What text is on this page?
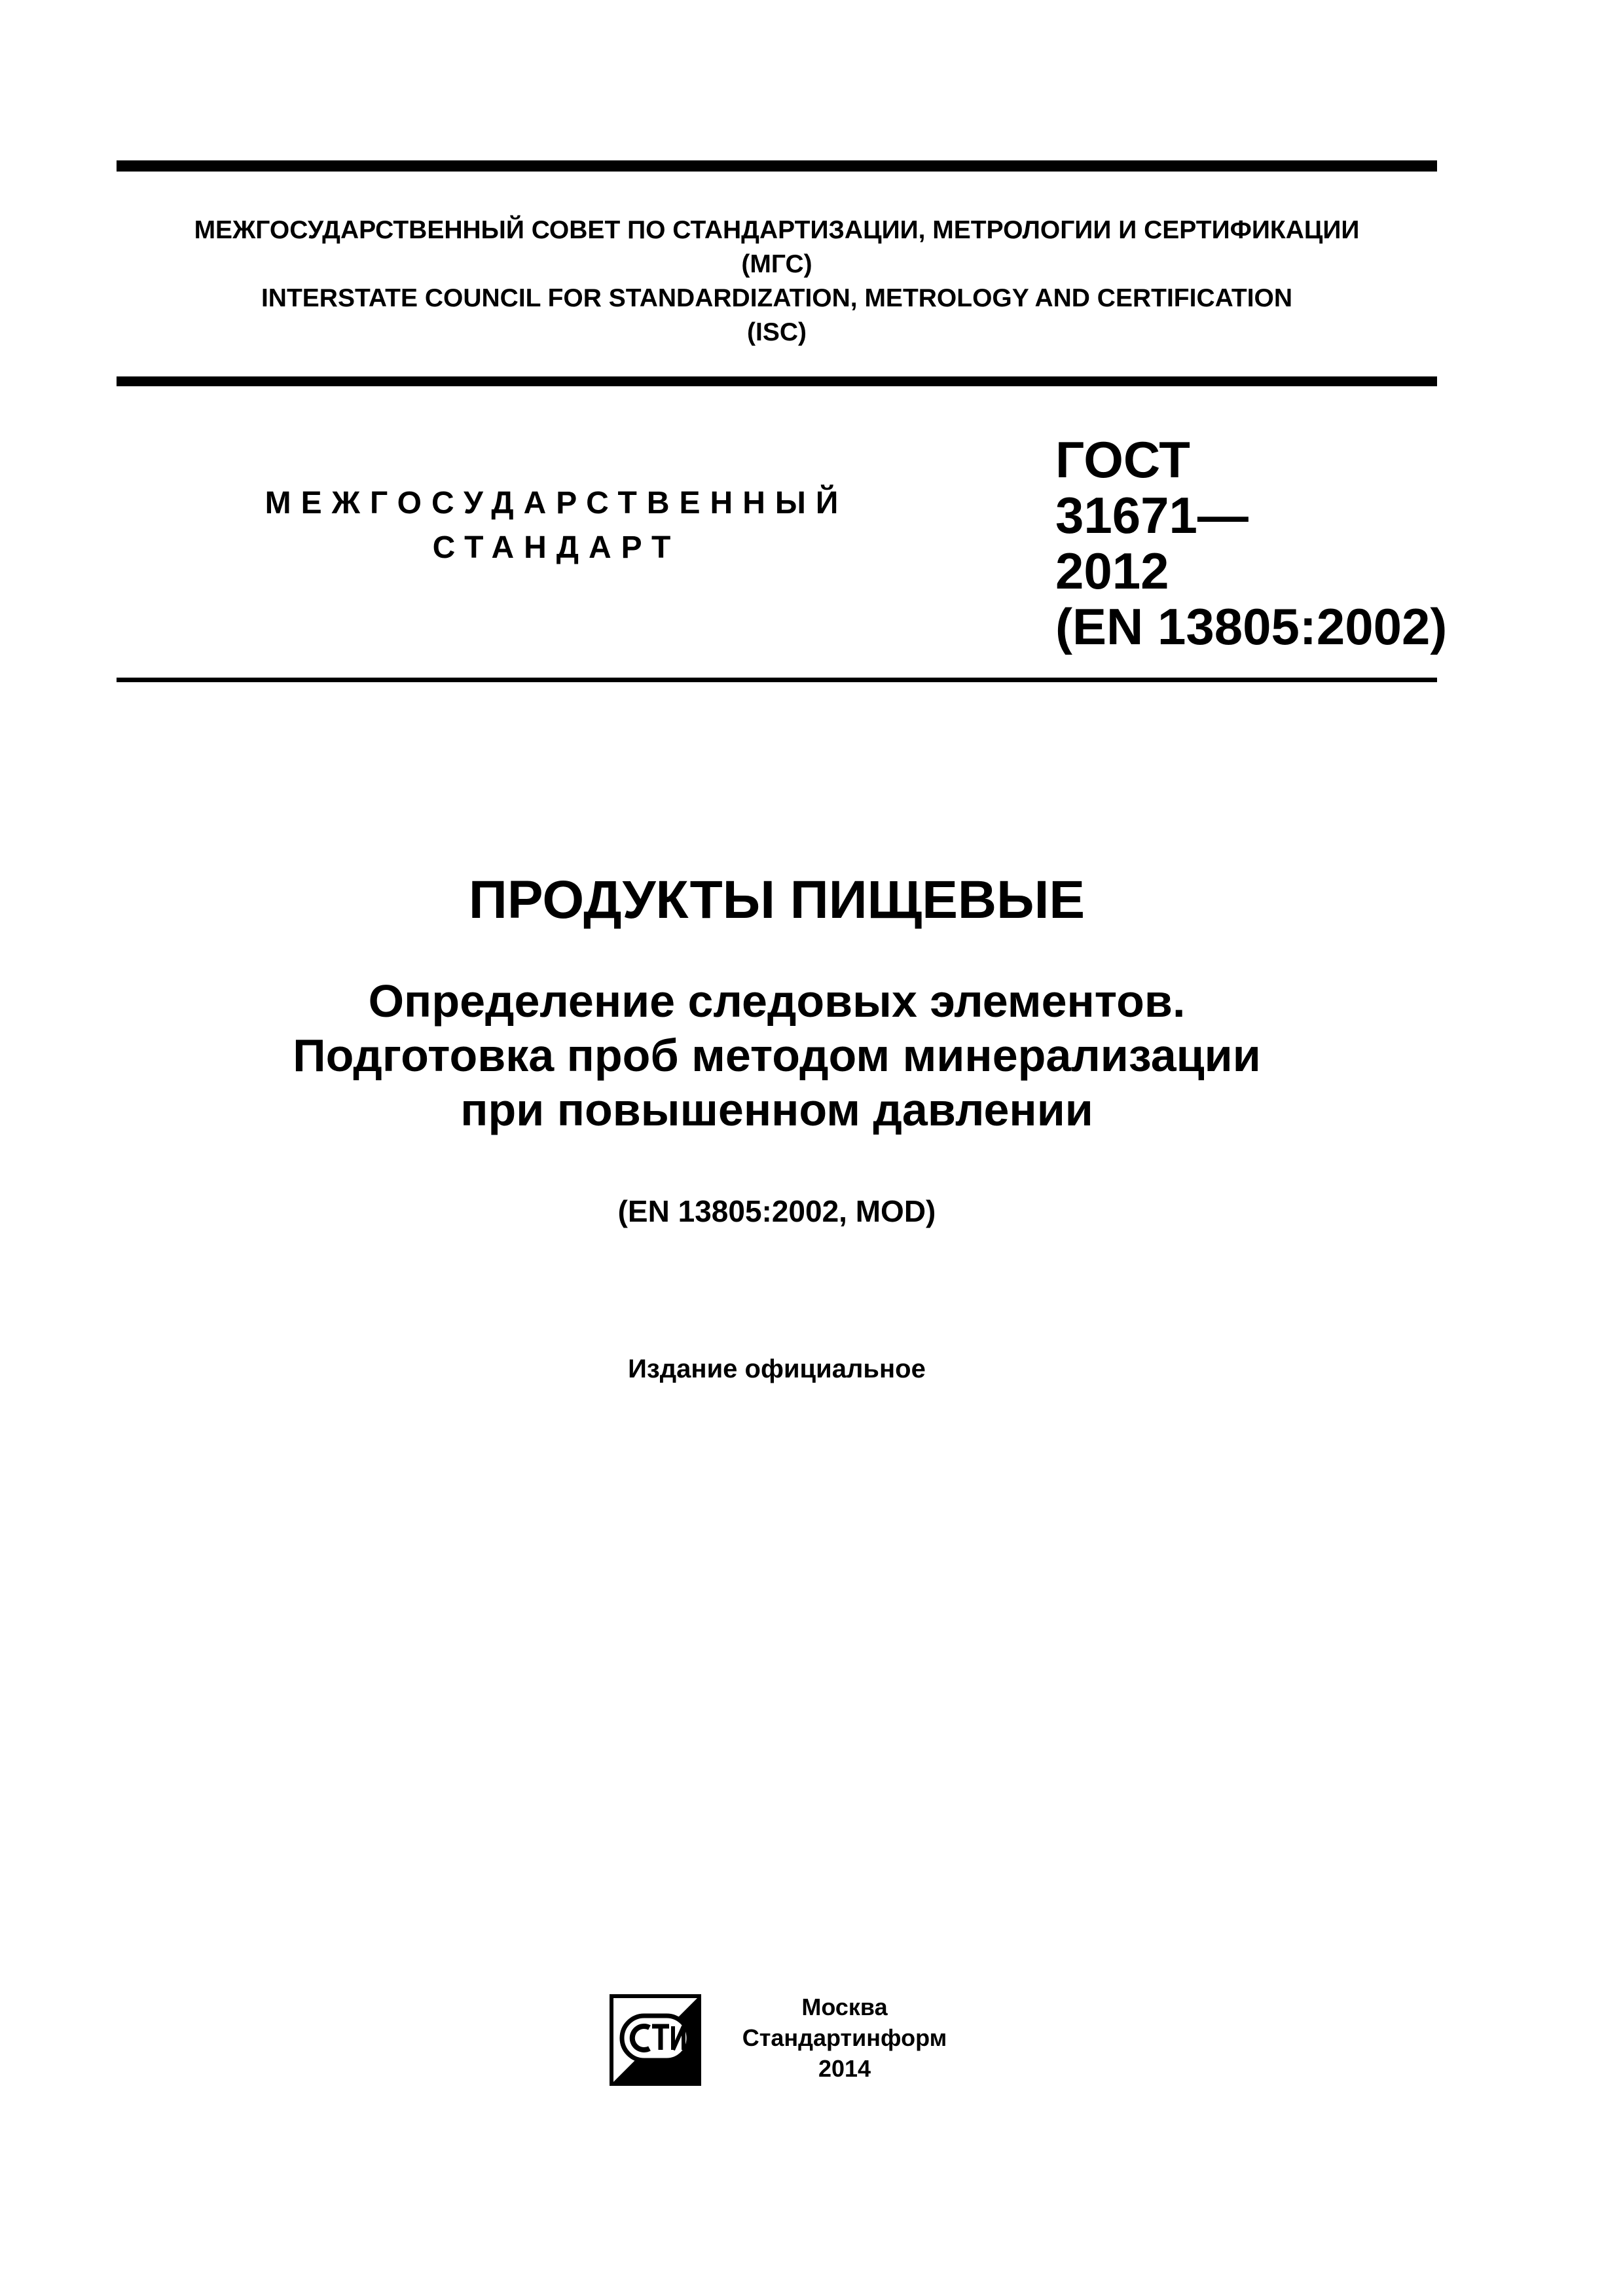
МЕЖГОСУДАРСТВЕННЫЙ СОВЕТ ПО СТАНДАРТИЗАЦИИ, МЕТРОЛОГИИ И СЕРТИФИКАЦИИ
(МГС)
INTERSTATE COUNCIL FOR STANDARDIZATION, METROLOGY AND CERTIFICATION
(ISC)
МЕЖГОСУДАРСТВЕННЫЙ
СТАНДАРТ
ГОСТ
31671—
2012
(EN 13805:2002)
ПРОДУКТЫ ПИЩЕВЫЕ
Определение следовых элементов.
Подготовка проб методом минерализации
при повышенном давлении
(EN 13805:2002, MOD)
Издание официальное
Москва
Стандартинформ
2014
